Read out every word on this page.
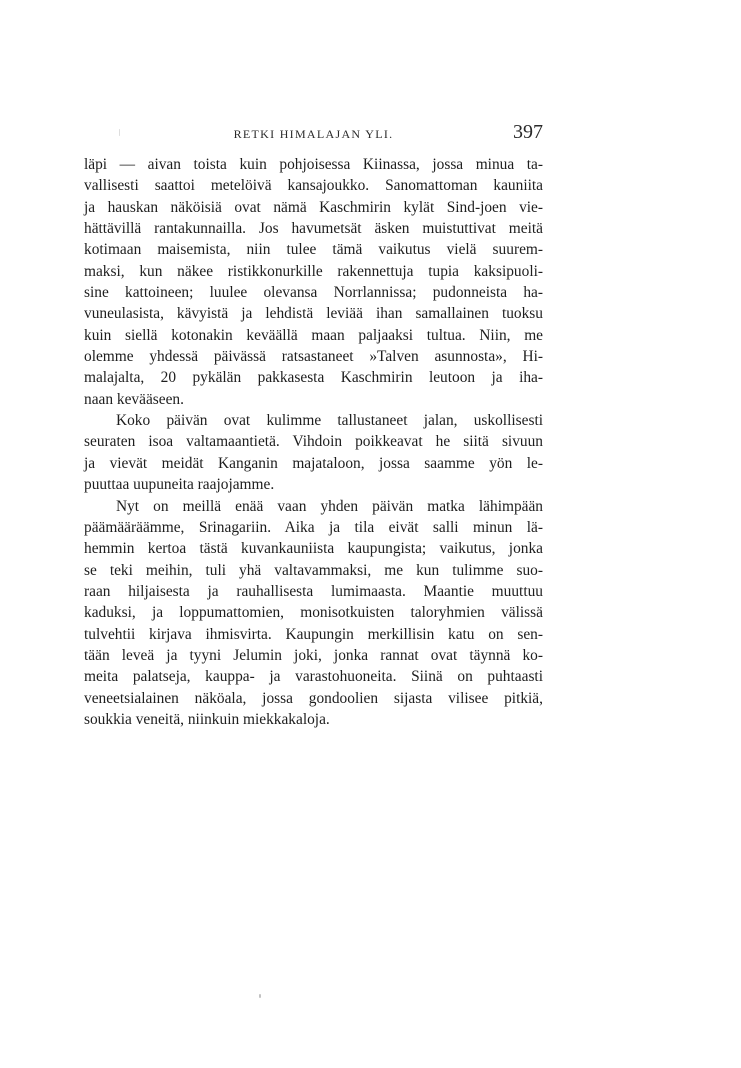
RETKI HIMALAJAN YLI.	397
läpi — aivan toista kuin pohjoisessa Kiinassa, jossa minua ta-
vallisesti saattoi metelöivä kansajoukko. Sanomattoman kauniita
ja hauskan näköisiä ovat nämä Kaschmirin kylät Sind-joen vie-
hättävillä rantakunnailla. Jos havumetsät äsken muistuttivat meitä
kotimaan maisemista, niin tulee tämä vaikutus vielä suurem-
maksi, kun näkee ristikkonurkille rakennettuja tupia kaksipuoli-
sine kattoineen; luulee olevansa Norrlannissa; pudonneista ha-
vuneulasista, kävyistä ja lehdistä leviää ihan samallainen tuoksu
kuin siellä kotonakin keväällä maan paljaaksi tultua. Niin, me
olemme yhdessä päivässä ratsastaneet »Talven asunnosta», Hi-
malajalta, 20 pykälän pakkasesta Kaschmirin leutoon ja iha-
naan kevääseen.
Koko päivän ovat kulimme tallustaneet jalan, uskollisesti
seuraten isoa valtamaantietä. Vihdoin poikkeavat he siitä sivuun
ja vievät meidät Kanganin majataloon, jossa saamme yön le-
puuttaa uupuneita raajojamme.
Nyt on meillä enää vaan yhden päivän matka lähimpään
päämääräämme, Srinagariin. Aika ja tila eivät salli minun lä-
hemmin kertoa tästä kuvankauniista kaupungista; vaikutus, jonka
se teki meihin, tuli yhä valtavammaksi, me kun tulimme suo-
raan hiljaisesta ja rauhallisesta lumimaasta. Maantie muuttuu
kaduksi, ja loppumattomien, monisotkuisten taloryhmien välissä
tulvehtii kirjava ihmisvirta. Kaupungin merkillisin katu on sen-
tään leveä ja tyyni Jelumin joki, jonka rannat ovat täynnä ko-
meita palatseja, kauppa- ja varastohuoneita. Siinä on puhtaasti
veneetsialainen näköala, jossa gondoolien sijasta vilisee pitkiä,
soukkia veneitä, niinkuin miekkakaloja.
